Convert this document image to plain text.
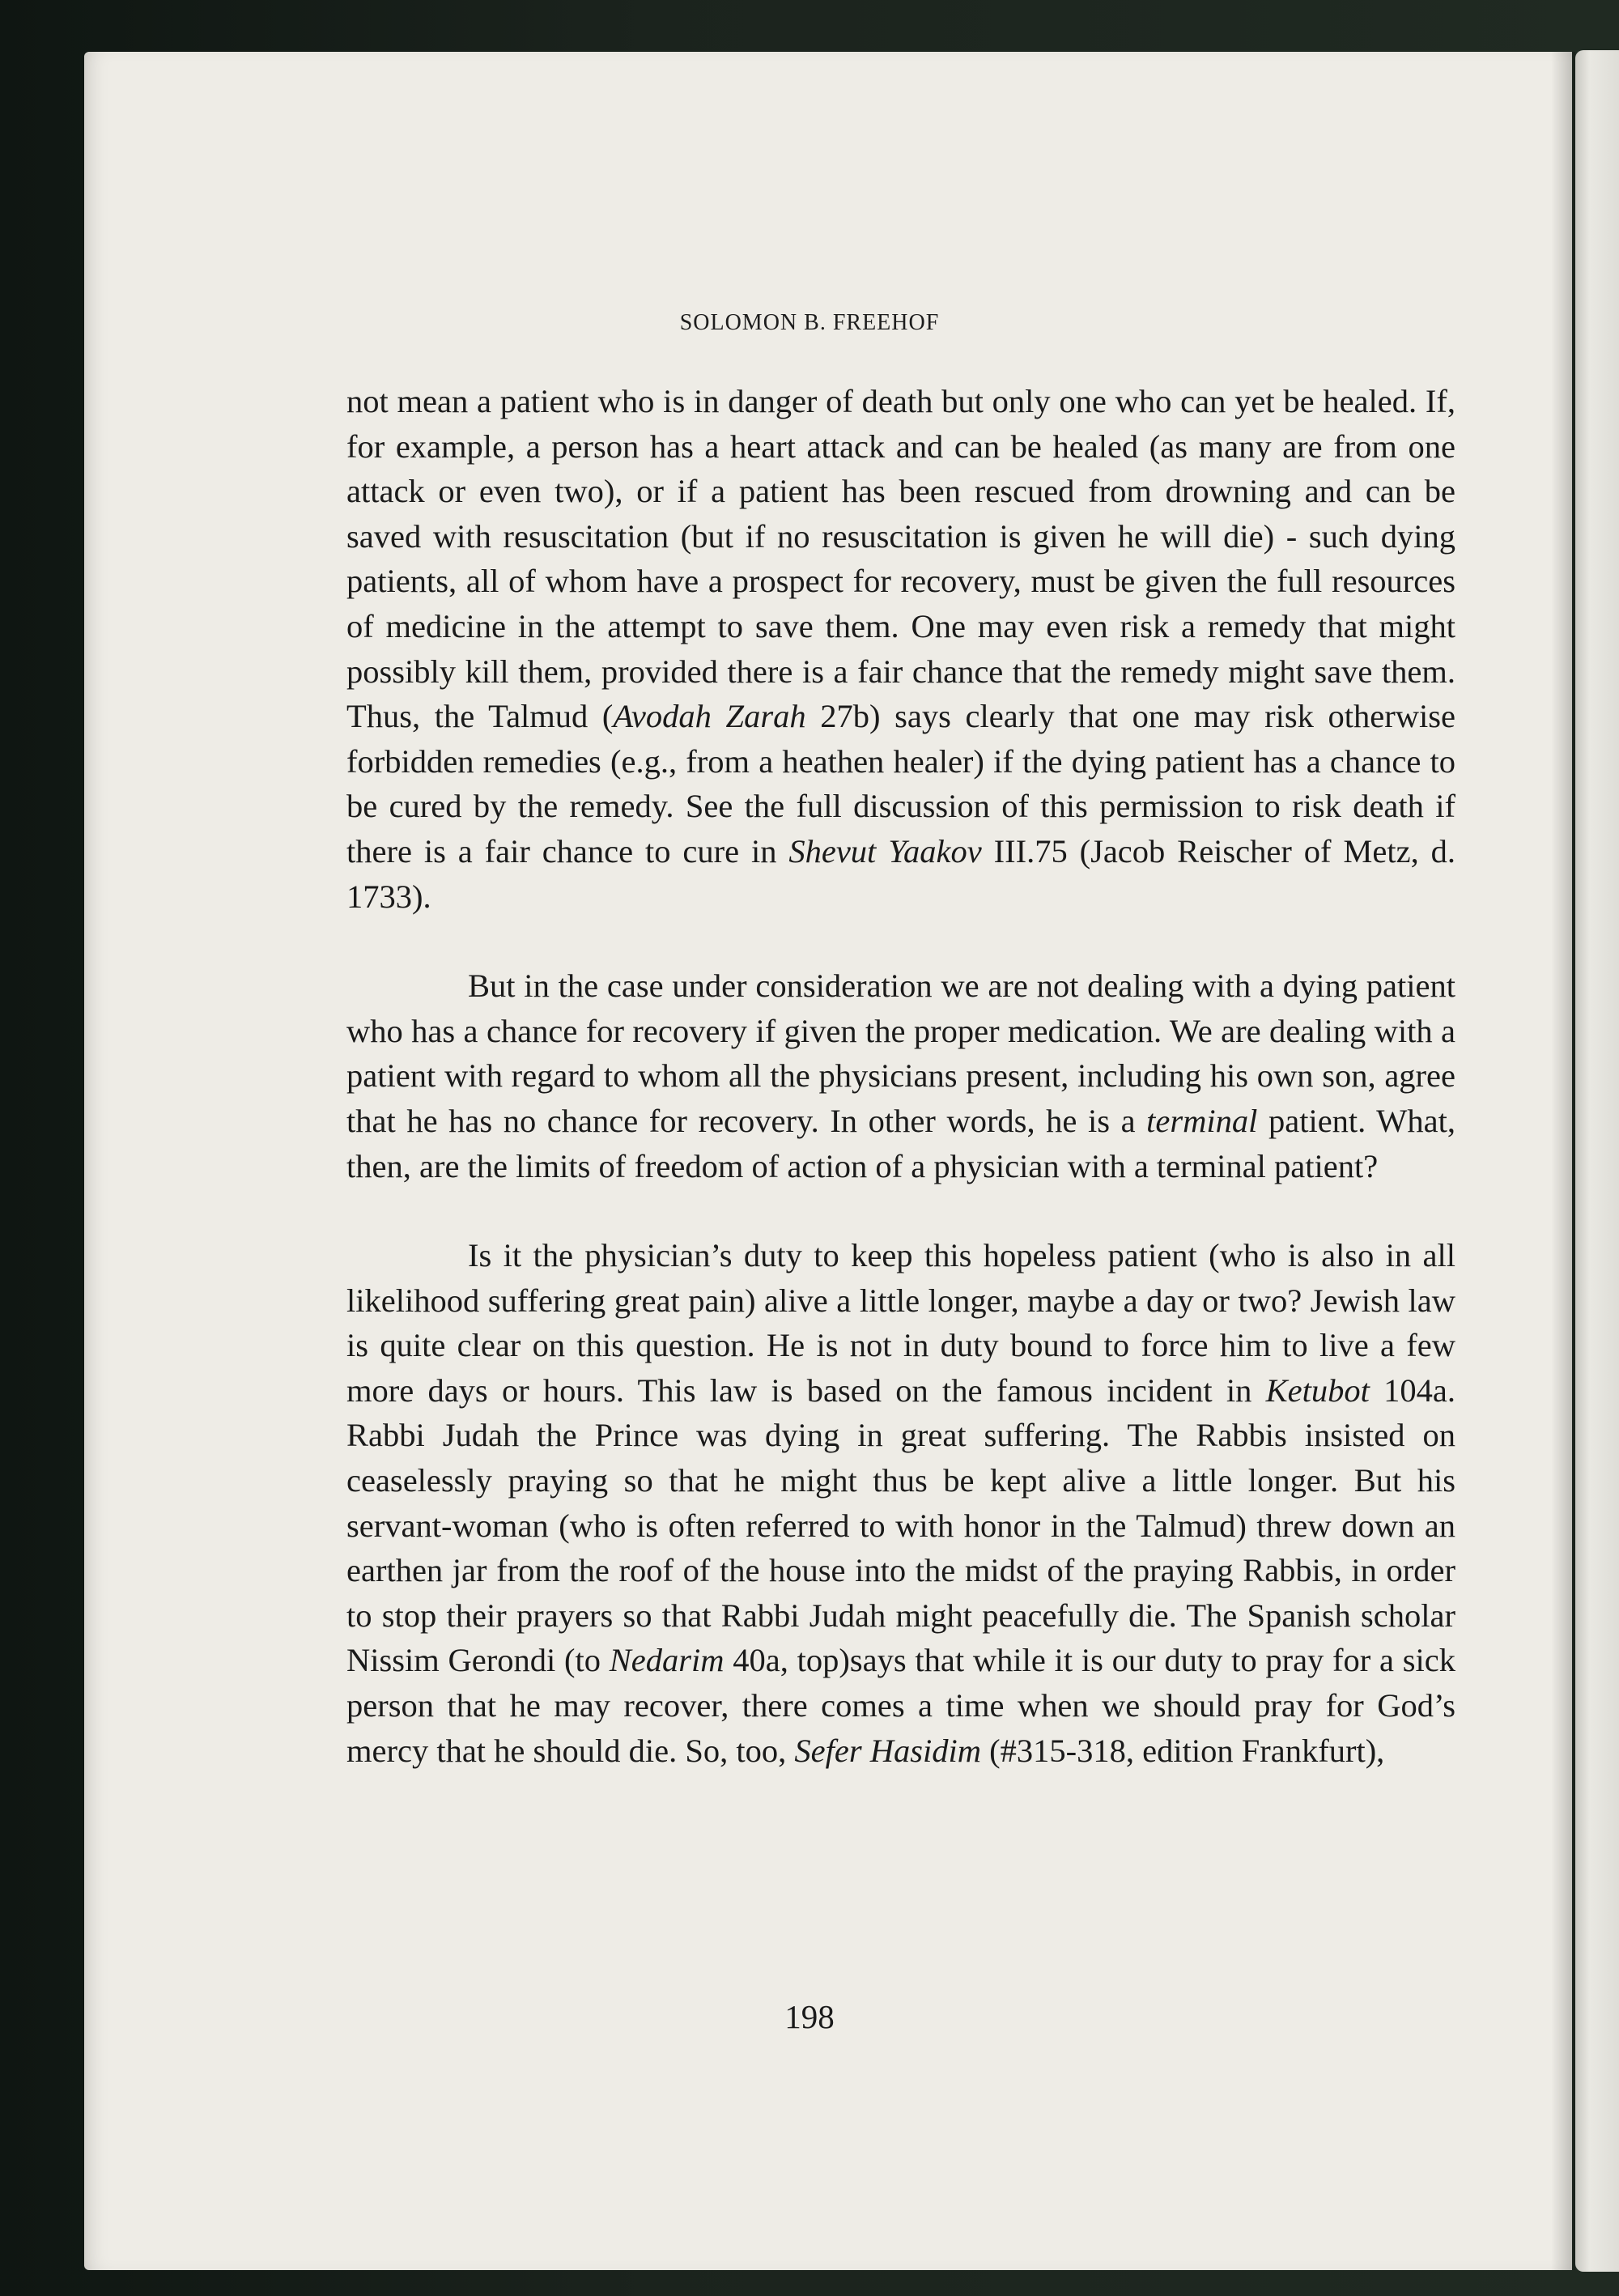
SOLOMON B. FREEHOF

not mean a patient who is in danger of death but only one who can yet be healed. If, for example, a person has a heart attack and can be healed (as many are from one attack or even two), or if a patient has been rescued from drowning and can be saved with resuscitation (but if no resuscitation is given he will die) - such dying patients, all of whom have a prospect for recovery, must be given the full resources of medicine in the attempt to save them. One may even risk a remedy that might possibly kill them, provided there is a fair chance that the remedy might save them. Thus, the Talmud (Avodah Zarah 27b) says clearly that one may risk otherwise forbidden remedies (e.g., from a heathen healer) if the dying patient has a chance to be cured by the remedy. See the full discussion of this permission to risk death if there is a fair chance to cure in Shevut Yaakov III.75 (Jacob Reischer of Metz, d. 1733).

But in the case under consideration we are not dealing with a dying patient who has a chance for recovery if given the proper medication. We are dealing with a patient with regard to whom all the physicians present, including his own son, agree that he has no chance for recovery. In other words, he is a terminal patient. What, then, are the limits of freedom of action of a physician with a terminal patient?

Is it the physician’s duty to keep this hopeless patient (who is also in all likelihood suffering great pain) alive a little longer, maybe a day or two? Jewish law is quite clear on this question. He is not in duty bound to force him to live a few more days or hours. This law is based on the famous incident in Ketubot 104a. Rabbi Judah the Prince was dying in great suffering. The Rabbis insisted on ceaselessly praying so that he might thus be kept alive a little longer. But his servant-woman (who is often referred to with honor in the Talmud) threw down an earthen jar from the roof of the house into the midst of the praying Rabbis, in order to stop their prayers so that Rabbi Judah might peacefully die. The Spanish scholar Nissim Gerondi (to Nedarim 40a, top)says that while it is our duty to pray for a sick person that he may recover, there comes a time when we should pray for God’s mercy that he should die. So, too, Sefer Hasidim (#315-318, edition Frankfurt),

198
